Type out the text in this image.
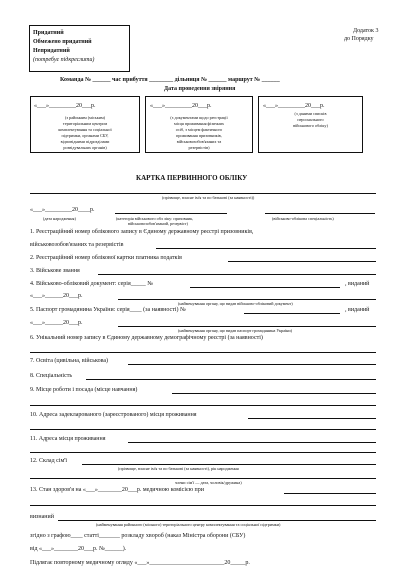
Придатний
Обмежено придатний
Непридатний
(потребує підкреслити)
Додаток 3
до Порядку
Команда № ______ час прибуття ________ дільниця № ______ маршрут № ______
Дата проведення звіряння
«___»_________20___р.	«___»_________20___р.	«___»_________20___р.
(з районним (міським)
територіальним центром
комплектування та соціальної
підтримки, органами СБУ,
відповідними підрозділами
розвідувальних органів)
(з документами щодо реєстрації
місця проживання фізичних
осіб, з місцем фактичного
проживання призовників,
військовозобов'язаних та
резервістів)
(з даними списків
персонального
військового обліку)
КАРТКА ПЕРВИННОГО ОБЛІКУ
(прізвище, власне ім'я та по батькові (за наявності))
«___»_________20____р.
(дата народження)	(категорія військового обл ліку: призовник,
військовозобов'язаний, резервіст)
(військово-облікова спеціальність)
1. Реєстраційний номер облікового запису в Єдиному державному реєстрі призовників,
військовозобов'язаних та резервістів
2. Реєстраційний номер облікової картки платника податків
3. Військове звання
4. Військово-обліковий документ: серія_____ №	, виданий
«___»______20___р.
(найменування органу, що видав військово-обліковий документ)
5. Паспорт громадянина України: серія____ (за наявності) №	, виданий
«___»______20___р.
(найменування органу, що видав паспорт громадянина України)
6. Унікальний номер запису в Єдиному державному демографічному реєстрі (за наявності)
7. Освіта (цивільна, військова)
8. Спеціальність
9. Місце роботи і посада (місце навчання)
10. Адреса задекларованого (зареєстрованого) місця проживання
11. Адреса місця проживання
12. Склад сім'ї
(прізвище, власне ім'я та по батькові (за наявності), рік народження
члени сім'ї — дата, чоловік/дружина)
13. Стан здоров'я на «___»________20___р. медичною комісією при
визнаний
(найменування районного (міського) територіального центру комплектування та соціальної підтримки)
згідно з графою____ статті_______ розкладу хвороб (наказ Міністра оборони (СБУ)
від «___»________20___р. №______).
Підлягає повторному медичному огляду «___»_________________________20_____р.
